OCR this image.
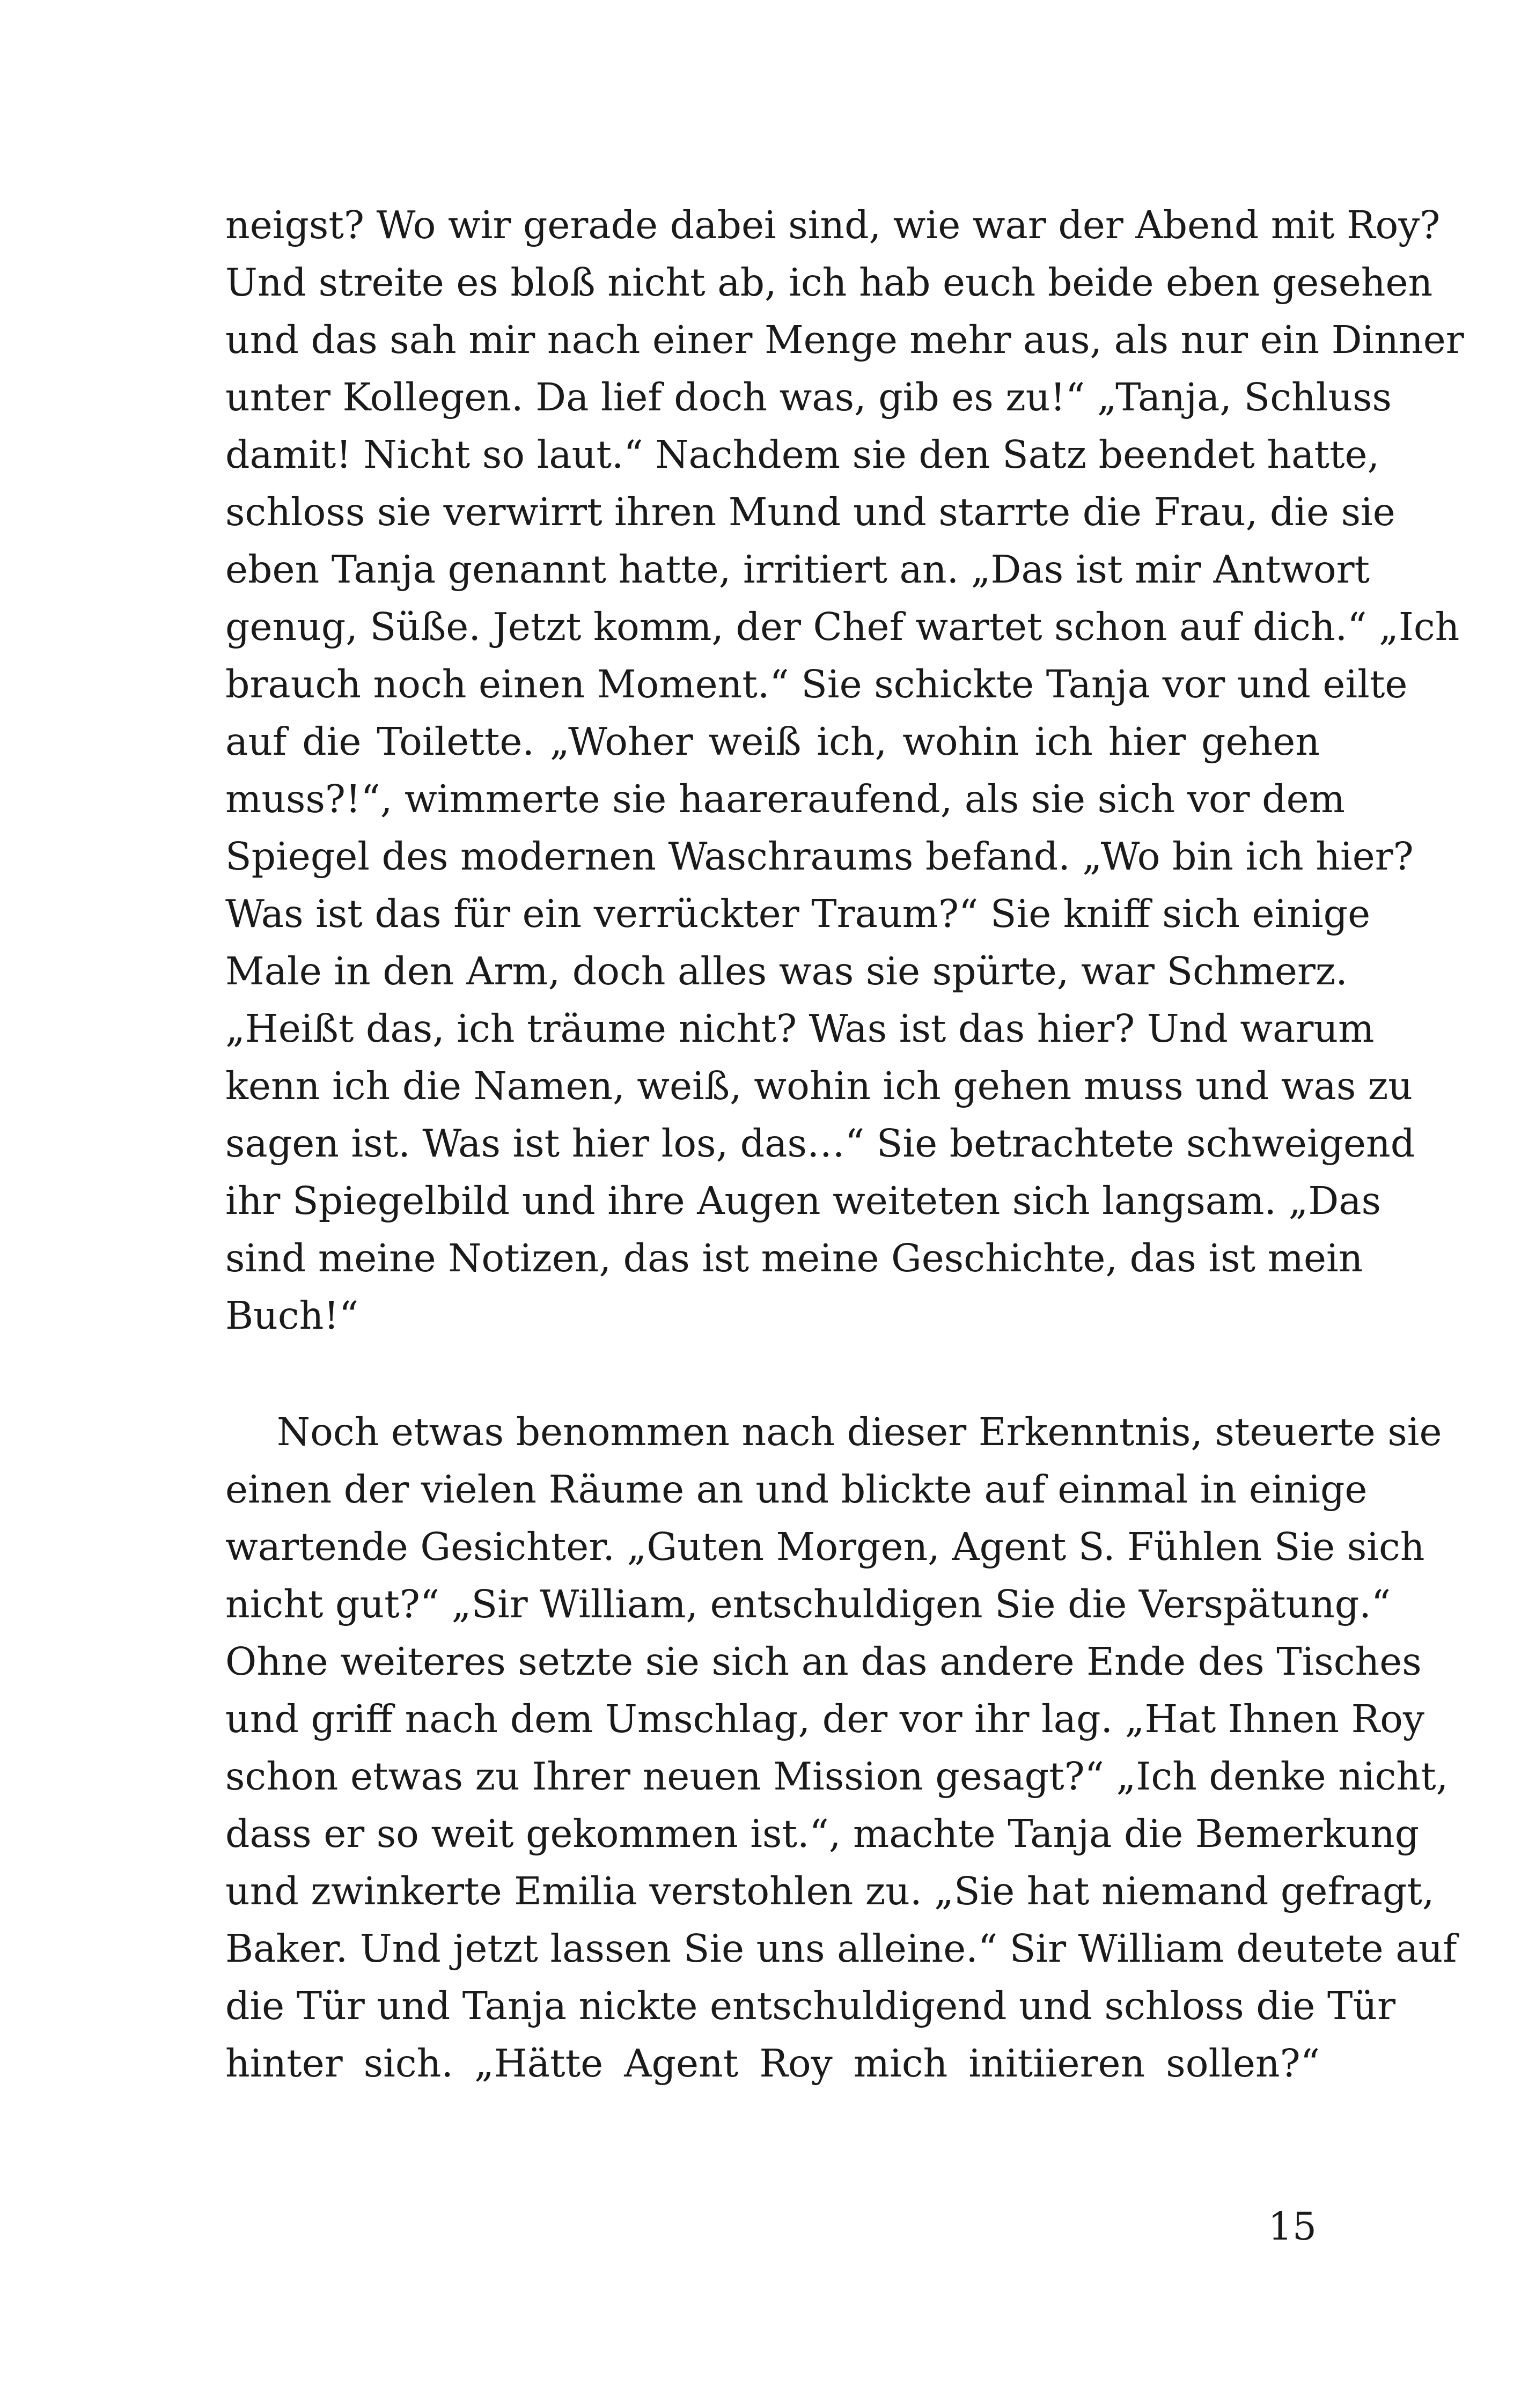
neigst? Wo wir gerade dabei sind, wie war der Abend mit Roy?
Und streite es bloß nicht ab, ich hab euch beide eben gesehen
und das sah mir nach einer Menge mehr aus, als nur ein Dinner
unter Kollegen. Da lief doch was, gib es zu!“ „Tanja, Schluss
damit! Nicht so laut.“ Nachdem sie den Satz beendet hatte,
schloss sie verwirrt ihren Mund und starrte die Frau, die sie
eben Tanja genannt hatte, irritiert an. „Das ist mir Antwort
genug, Süße. Jetzt komm, der Chef wartet schon auf dich.“ „Ich
brauch noch einen Moment.“ Sie schickte Tanja vor und eilte
auf die Toilette. „Woher weiß ich, wohin ich hier gehen
muss?!“, wimmerte sie haareraufend, als sie sich vor dem
Spiegel des modernen Waschraums befand. „Wo bin ich hier?
Was ist das für ein verrückter Traum?“ Sie kniff sich einige
Male in den Arm, doch alles was sie spürte, war Schmerz.
„Heißt das, ich träume nicht? Was ist das hier? Und warum
kenn ich die Namen, weiß, wohin ich gehen muss und was zu
sagen ist. Was ist hier los, das…“ Sie betrachtete schweigend
ihr Spiegelbild und ihre Augen weiteten sich langsam. „Das
sind meine Notizen, das ist meine Geschichte, das ist mein
Buch!“
Noch etwas benommen nach dieser Erkenntnis, steuerte sie
einen der vielen Räume an und blickte auf einmal in einige
wartende Gesichter. „Guten Morgen, Agent S. Fühlen Sie sich
nicht gut?“ „Sir William, entschuldigen Sie die Verspätung.“
Ohne weiteres setzte sie sich an das andere Ende des Tisches
und griff nach dem Umschlag, der vor ihr lag. „Hat Ihnen Roy
schon etwas zu Ihrer neuen Mission gesagt?“ „Ich denke nicht,
dass er so weit gekommen ist.“, machte Tanja die Bemerkung
und zwinkerte Emilia verstohlen zu. „Sie hat niemand gefragt,
Baker. Und jetzt lassen Sie uns alleine.“ Sir William deutete auf
die Tür und Tanja nickte entschuldigend und schloss die Tür
hinter sich. „Hätte Agent Roy mich initiieren sollen?“
15
